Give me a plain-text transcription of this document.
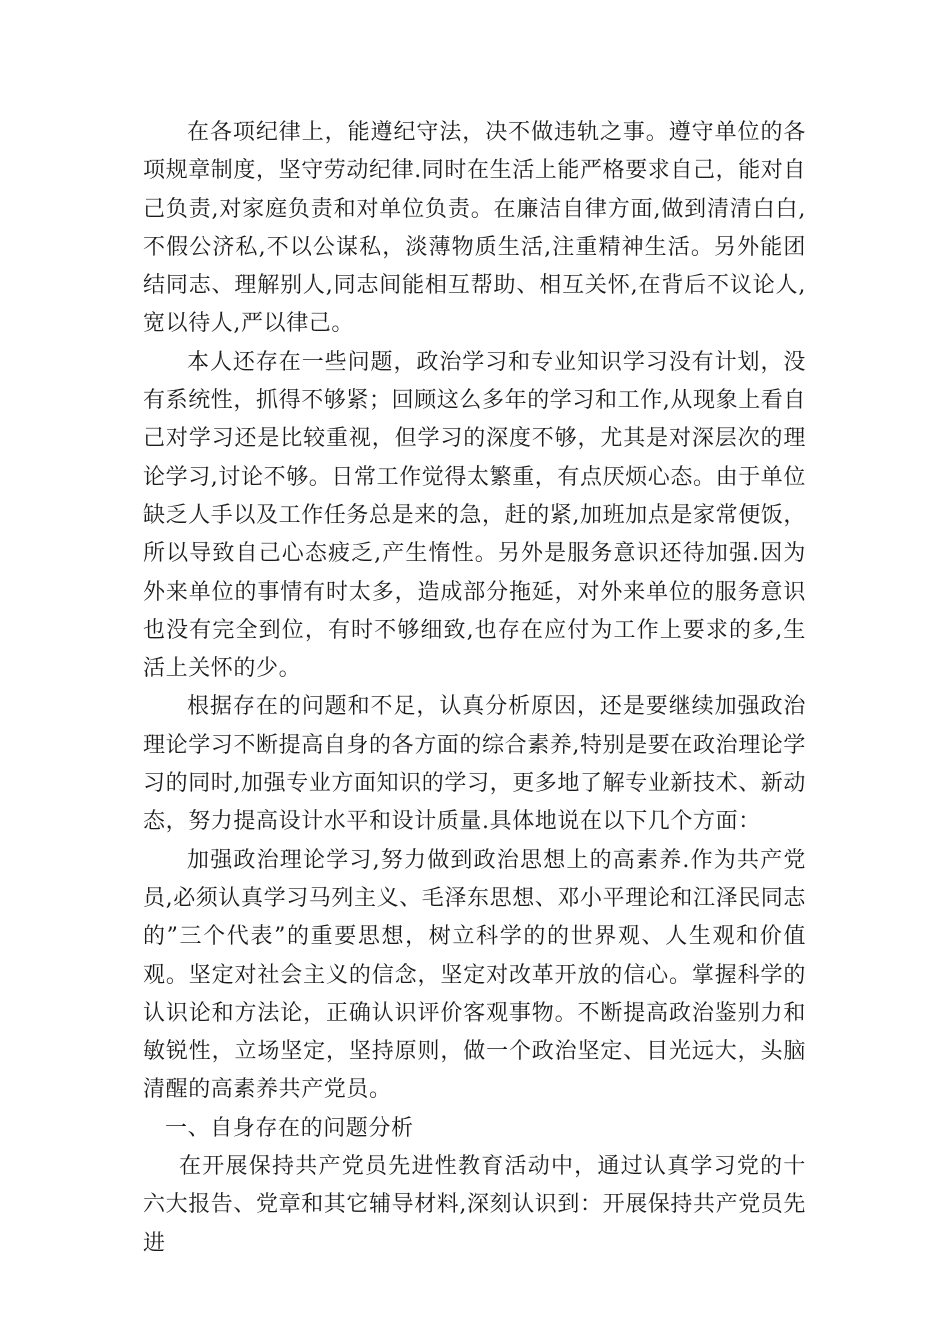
在各项纪律上，能遵纪守法，决不做违轨之事。遵守单位的各项规章制度，坚守劳动纪律.同时在生活上能严格要求自己，能对自己负责,对家庭负责和对单位负责。在廉洁自律方面,做到清清白白,不假公济私,不以公谋私，淡薄物质生活,注重精神生活。另外能团结同志、理解别人,同志间能相互帮助、相互关怀,在背后不议论人,宽以待人,严以律己。

本人还存在一些问题，政治学习和专业知识学习没有计划，没有系统性，抓得不够紧；回顾这么多年的学习和工作,从现象上看自己对学习还是比较重视，但学习的深度不够，尤其是对深层次的理论学习,讨论不够。日常工作觉得太繁重，有点厌烦心态。由于单位缺乏人手以及工作任务总是来的急，赶的紧,加班加点是家常便饭，所以导致自己心态疲乏,产生惰性。另外是服务意识还待加强.因为外来单位的事情有时太多，造成部分拖延，对外来单位的服务意识也没有完全到位，有时不够细致,也存在应付为工作上要求的多,生活上关怀的少。

根据存在的问题和不足，认真分析原因，还是要继续加强政治理论学习不断提高自身的各方面的综合素养,特别是要在政治理论学习的同时,加强专业方面知识的学习，更多地了解专业新技术、新动态，努力提高设计水平和设计质量.具体地说在以下几个方面：

加强政治理论学习,努力做到政治思想上的高素养.作为共产党员,必须认真学习马列主义、毛泽东思想、邓小平理论和江泽民同志的”三个代表”的重要思想，树立科学的的世界观、人生观和价值观。坚定对社会主义的信念，坚定对改革开放的信心。掌握科学的认识论和方法论，正确认识评价客观事物。不断提高政治鉴别力和敏锐性，立场坚定，坚持原则，做一个政治坚定、目光远大，头脑清醒的高素养共产党员。

一、自身存在的问题分析

在开展保持共产党员先进性教育活动中，通过认真学习党的十六大报告、党章和其它辅导材料,深刻认识到：开展保持共产党员先进
